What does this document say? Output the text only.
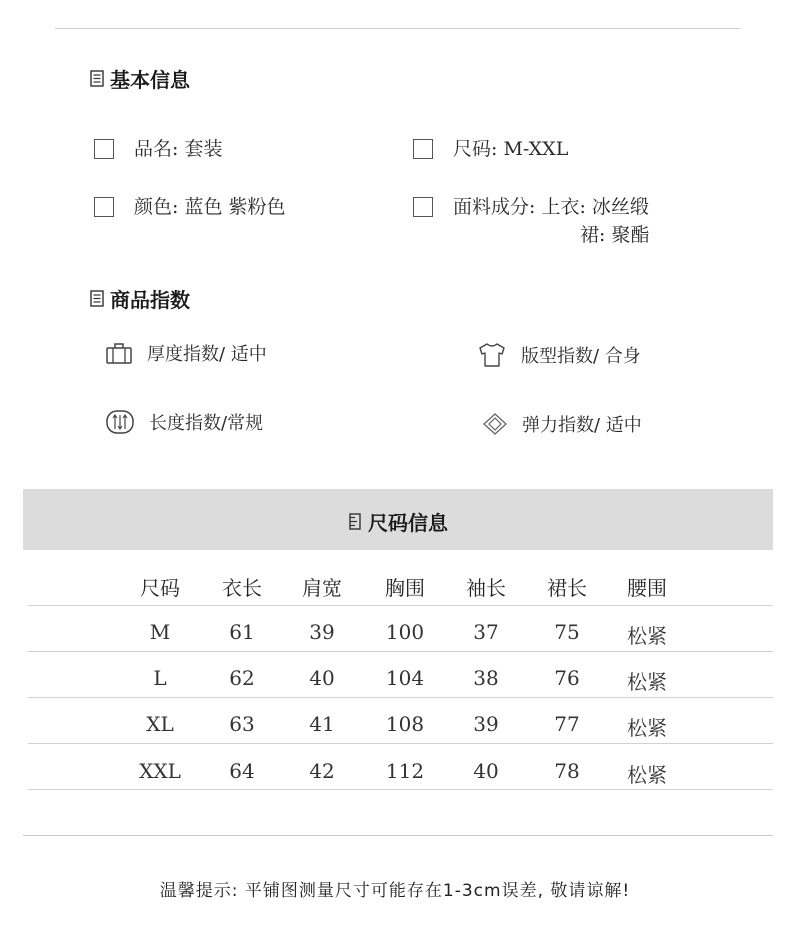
基本信息
品名: 套装	尺码: M-XXL
颜色: 蓝色 紫粉色	面料成分: 上衣: 冰丝缎
裙: 聚酯
商品指数
厚度指数/ 适中	版型指数/ 合身
长度指数/常规	弹力指数/ 适中
尺码信息
尺码	衣长	肩宽	胸围	袖长	裙长	腰围
M	61	39	100	37	75	松紧
L	62	40	104	38	76	松紧
XL	63	41	108	39	77	松紧
XXL	64	42	112	40	78	松紧
温馨提示: 平铺图测量尺寸可能存在1-3cm误差, 敬请谅解!
